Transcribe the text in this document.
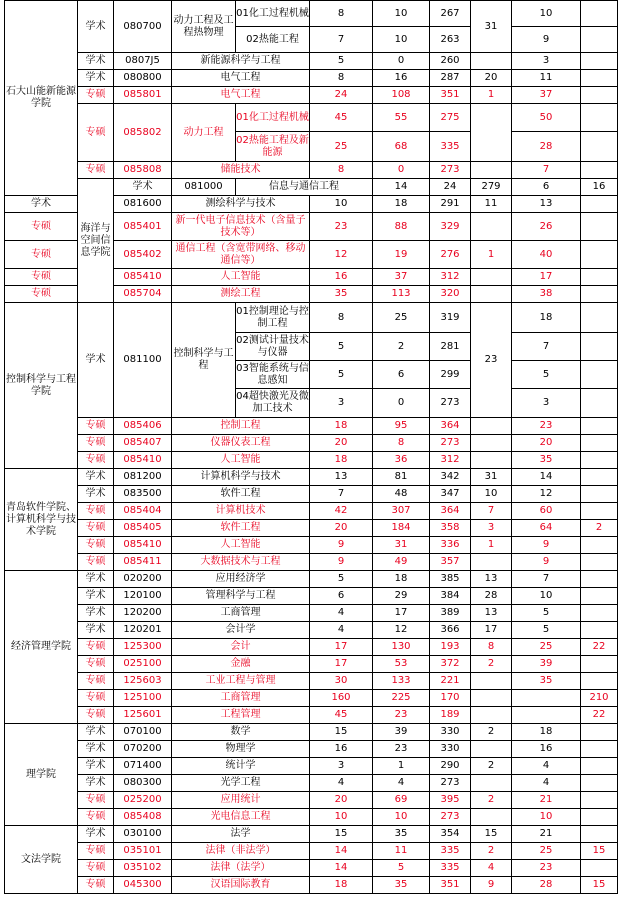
石大山能新能源学院	学术	080700	动力工程及工程热物理	01化工过程机械	8	10	267	31	10		
				02热能工程	7	10	263		9		
	学术	0807J5	新能源科学与工程		5	0	260		3		
	学术	080800	电气工程		8	16	287	20	11		
	专硕	085801	电气工程		24	108	351	1	37		
	专硕	085802	动力工程	01化工过程机械	45	55	275		50		
				02热能工程及新能源	25	68	335		28		
	专硕	085808	储能技术		8	0	273		7		
	海洋与空间信息学院	学术	081000	信息与通信工程		14	24	279	6	16	
学术		081600	测绘科学与技术		10	18	291	11	13		
专硕		085401	新一代电子信息技术（含量子技术等）		23	88	329		26		
专硕		085402	通信工程（含宽带网络、移动通信等）		12	19	276	1	40		
专硕		085410	人工智能		16	37	312		17		
专硕		085704	测绘工程		35	113	320		38		
控制科学与工程学院	学术	081100	控制科学与工程	01控制理论与控制工程	8	25	319	23	18		
				02测试计量技术与仪器	5	2	281		7		
				03智能系统与信息感知	5	6	299		5		
				04超快激光及微加工技术	3	0	273		3		
	专硕	085406	控制工程		18	95	364		23		
	专硕	085407	仪器仪表工程		20	8	273		20		
	专硕	085410	人工智能		18	36	312		35		
青岛软件学院、计算机科学与技术学院	学术	081200	计算机科学与技术		13	81	342	31	14		
	学术	083500	软件工程		7	48	347	10	12		
	专硕	085404	计算机技术		42	307	364	7	60		
	专硕	085405	软件工程		20	184	358	3	64	2	
	专硕	085410	人工智能		9	31	336	1	9		
	专硕	085411	大数据技术与工程		9	49	357		9		
经济管理学院	学术	020200	应用经济学		5	18	385	13	7		
	学术	120100	管理科学与工程		6	29	384	28	10		
	学术	120200	工商管理		4	17	389	13	5		
	学术	120201	会计学		4	12	366	17	5		
	专硕	125300	会计		17	130	193	8	25	22	
	专硕	025100	金融		17	53	372	2	39		
	专硕	125603	工业工程与管理		30	133	221		35		
	专硕	125100	工商管理		160	225	170			210	
	专硕	125601	工程管理		45	23	189			22	
理学院	学术	070100	数学		15	39	330	2	18		
	学术	070200	物理学		16	23	330		16		
	学术	071400	统计学		3	1	290	2	4		
	学术	080300	光学工程		4	4	273		4		
	专硕	025200	应用统计		20	69	395	2	21		
	专硕	085408	光电信息工程		10	10	273		10		
文法学院	学术	030100	法学		15	35	354	15	21		
	专硕	035101	法律（非法学）		14	11	335	2	25	15	
	专硕	035102	法律（法学）		14	5	335	4	23		
	专硕	045300	汉语国际教育		18	35	351	9	28	15	
